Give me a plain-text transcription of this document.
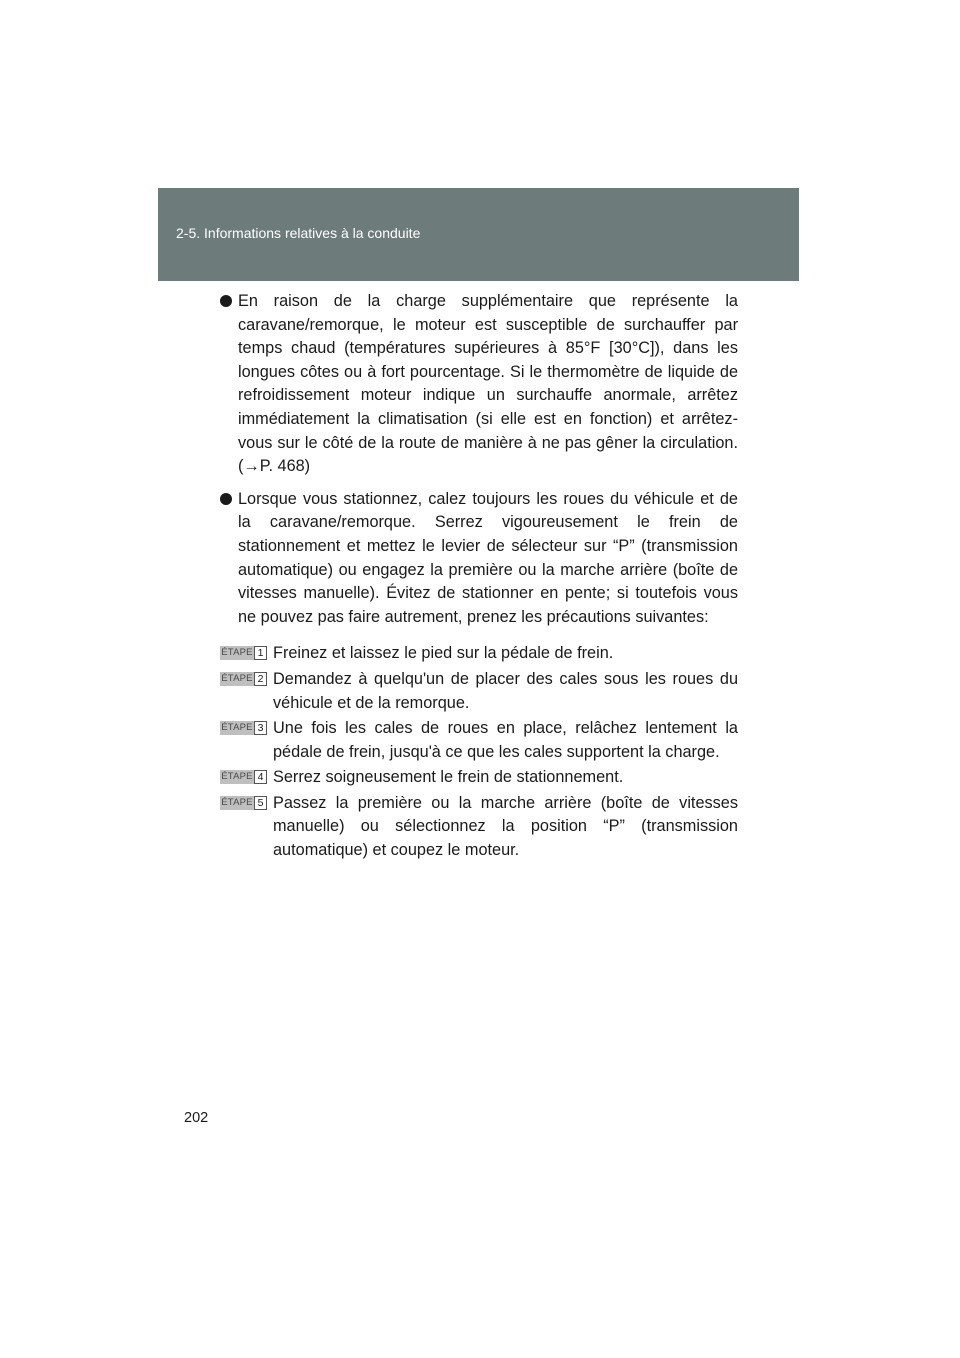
2-5. Informations relatives à la conduite
En raison de la charge supplémentaire que représente la caravane/remorque, le moteur est susceptible de surchauffer par temps chaud (températures supérieures à 85°F [30°C]), dans les longues côtes ou à fort pourcentage. Si le thermomètre de liquide de refroidissement moteur indique un surchauffe anormale, arrêtez immédiatement la climatisation (si elle est en fonction) et arrêtez-vous sur le côté de la route de manière à ne pas gêner la circulation. (→P. 468)
Lorsque vous stationnez, calez toujours les roues du véhicule et de la caravane/remorque. Serrez vigoureusement le frein de stationnement et mettez le levier de sélecteur sur “P” (transmission automatique) ou engagez la première ou la marche arrière (boîte de vitesses manuelle). Évitez de stationner en pente; si toutefois vous ne pouvez pas faire autrement, prenez les précautions suivantes:
ÉTAPE 1 Freinez et laissez le pied sur la pédale de frein.
ÉTAPE 2 Demandez à quelqu'un de placer des cales sous les roues du véhicule et de la remorque.
ÉTAPE 3 Une fois les cales de roues en place, relâchez lentement la pédale de frein, jusqu'à ce que les cales supportent la charge.
ÉTAPE 4 Serrez soigneusement le frein de stationnement.
ÉTAPE 5 Passez la première ou la marche arrière (boîte de vitesses manuelle) ou sélectionnez la position “P” (transmission automatique) et coupez le moteur.
202
carmanualsonline.info
